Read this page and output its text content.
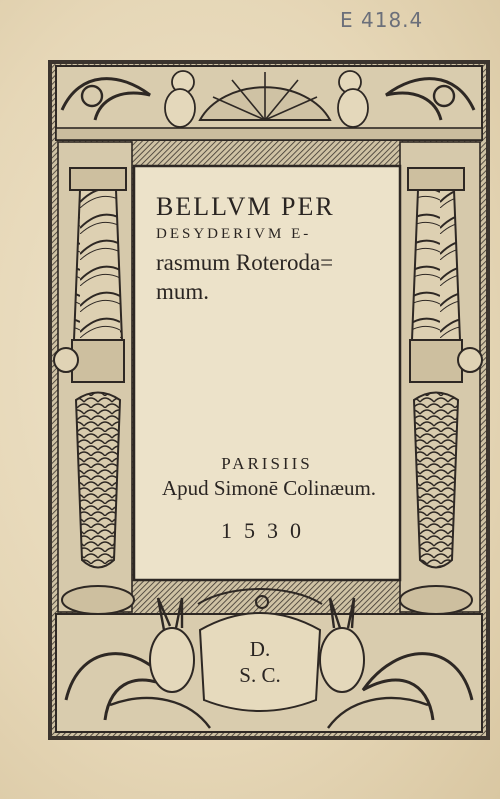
E 418.4
BELLVM PER
DESYDERIVM E-
rasmum Roteroda=
mum.
PARISIIS
Apud Simonē Colinæum.
1530
D.
S. C.
